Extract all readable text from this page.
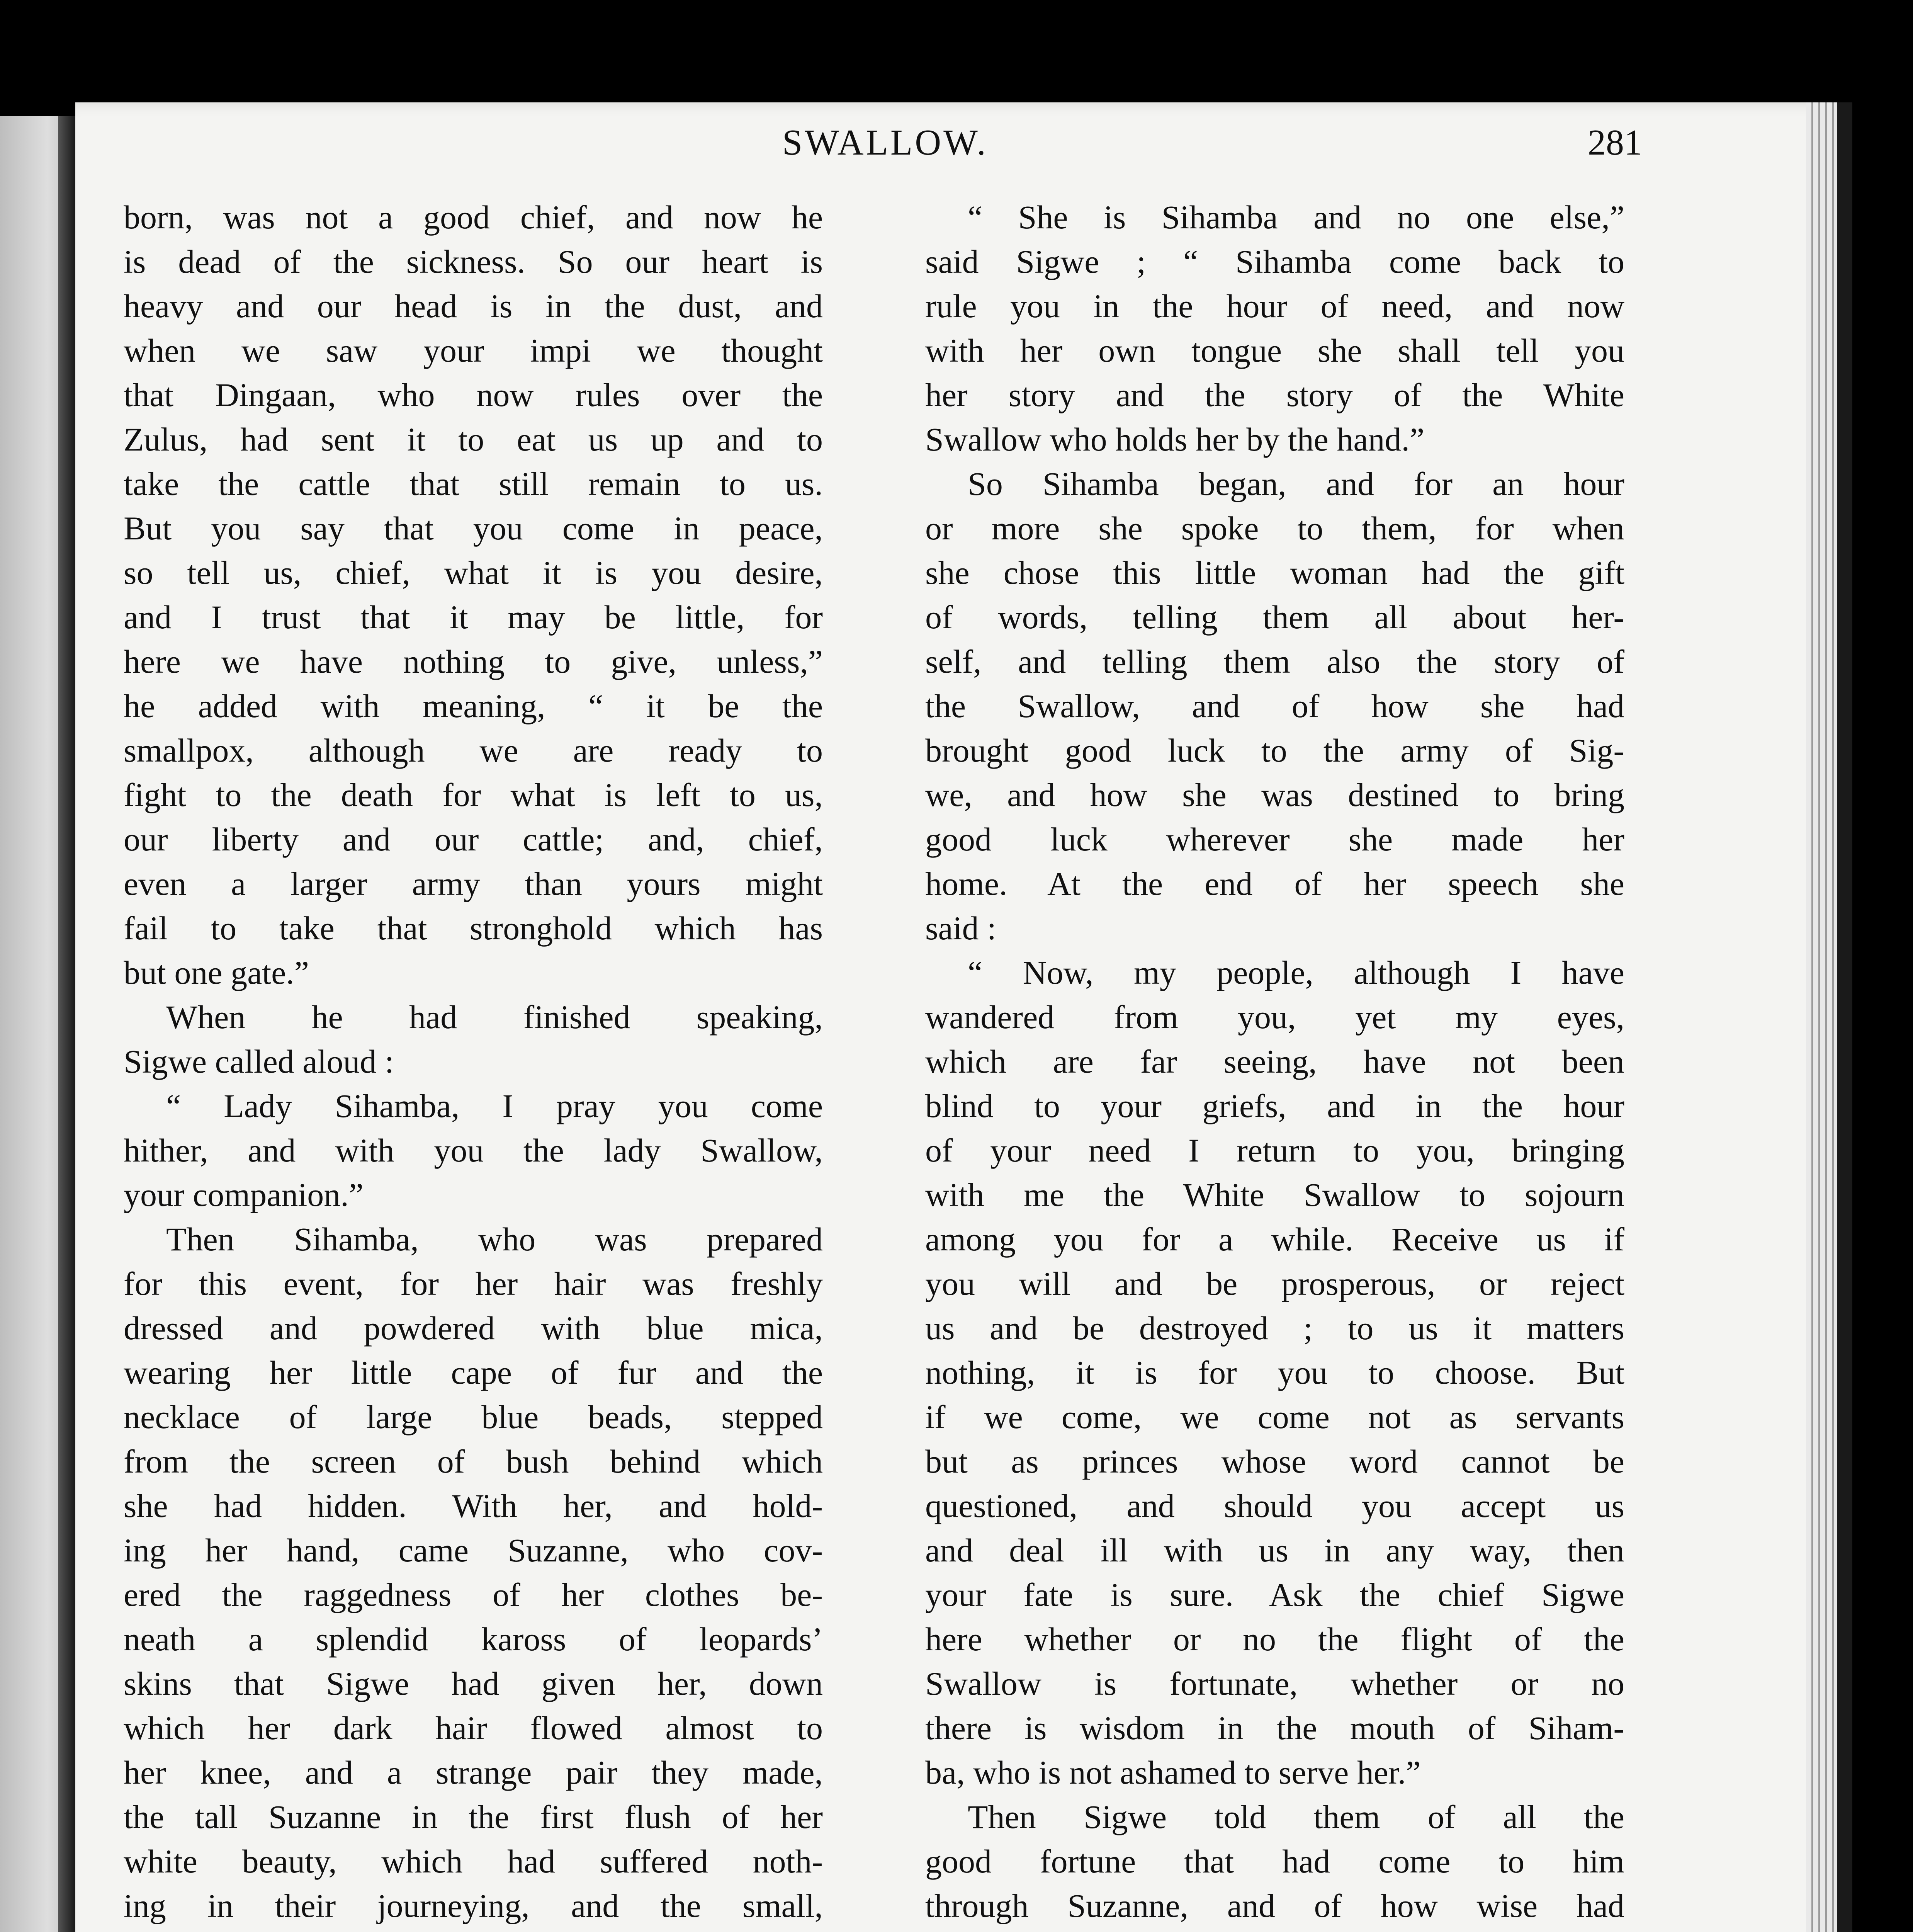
SWALLOW.	281
born, was not a good chief, and now he
is dead of the sickness. So our heart is
heavy and our head is in the dust, and
when we saw your impi we thought
that Dingaan, who now rules over the
Zulus, had sent it to eat us up and to
take the cattle that still remain to us.
But you say that you come in peace,
so tell us, chief, what it is you desire,
and I trust that it may be little, for
here we have nothing to give, unless,”
he added with meaning, “ it be the
smallpox, although we are ready to
fight to the death for what is left to us,
our liberty and our cattle; and, chief,
even a larger army than yours might
fail to take that stronghold which has
but one gate.”
When he had finished speaking,
Sigwe called aloud :
“ Lady Sihamba, I pray you come
hither, and with you the lady Swallow,
your companion.”
Then Sihamba, who was prepared
for this event, for her hair was freshly
dressed and powdered with blue mica,
wearing her little cape of fur and the
necklace of large blue beads, stepped
from the screen of bush behind which
she had hidden. With her, and hold-
ing her hand, came Suzanne, who cov-
ered the raggedness of her clothes be-
neath a splendid kaross of leopards’
skins that Sigwe had given her, down
which her dark hair flowed almost to
her knee, and a strange pair they made,
the tall Suzanne in the first flush of her
white beauty, which had suffered noth-
ing in their journeying, and the small,
“ She is Sihamba and no one else,”
said Sigwe ; “ Sihamba come back to
rule you in the hour of need, and now
with her own tongue she shall tell you
her story and the story of the White
Swallow who holds her by the hand.”
So Sihamba began, and for an hour
or more she spoke to them, for when
she chose this little woman had the gift
of words, telling them all about her-
self, and telling them also the story of
the Swallow, and of how she had
brought good luck to the army of Sig-
we, and how she was destined to bring
good luck wherever she made her
home. At the end of her speech she
said :
“ Now, my people, although I have
wandered from you, yet my eyes,
which are far seeing, have not been
blind to your griefs, and in the hour
of your need I return to you, bringing
with me the White Swallow to sojourn
among you for a while. Receive us if
you will and be prosperous, or reject
us and be destroyed ; to us it matters
nothing, it is for you to choose. But
if we come, we come not as servants
but as princes whose word cannot be
questioned, and should you accept us
and deal ill with us in any way, then
your fate is sure. Ask the chief Sigwe
here whether or no the flight of the
Swallow is fortunate, whether or no
there is wisdom in the mouth of Siham-
ba, who is not ashamed to serve her.”
Then Sigwe told them of all the
good fortune that had come to him
through Suzanne, and of how wise had
